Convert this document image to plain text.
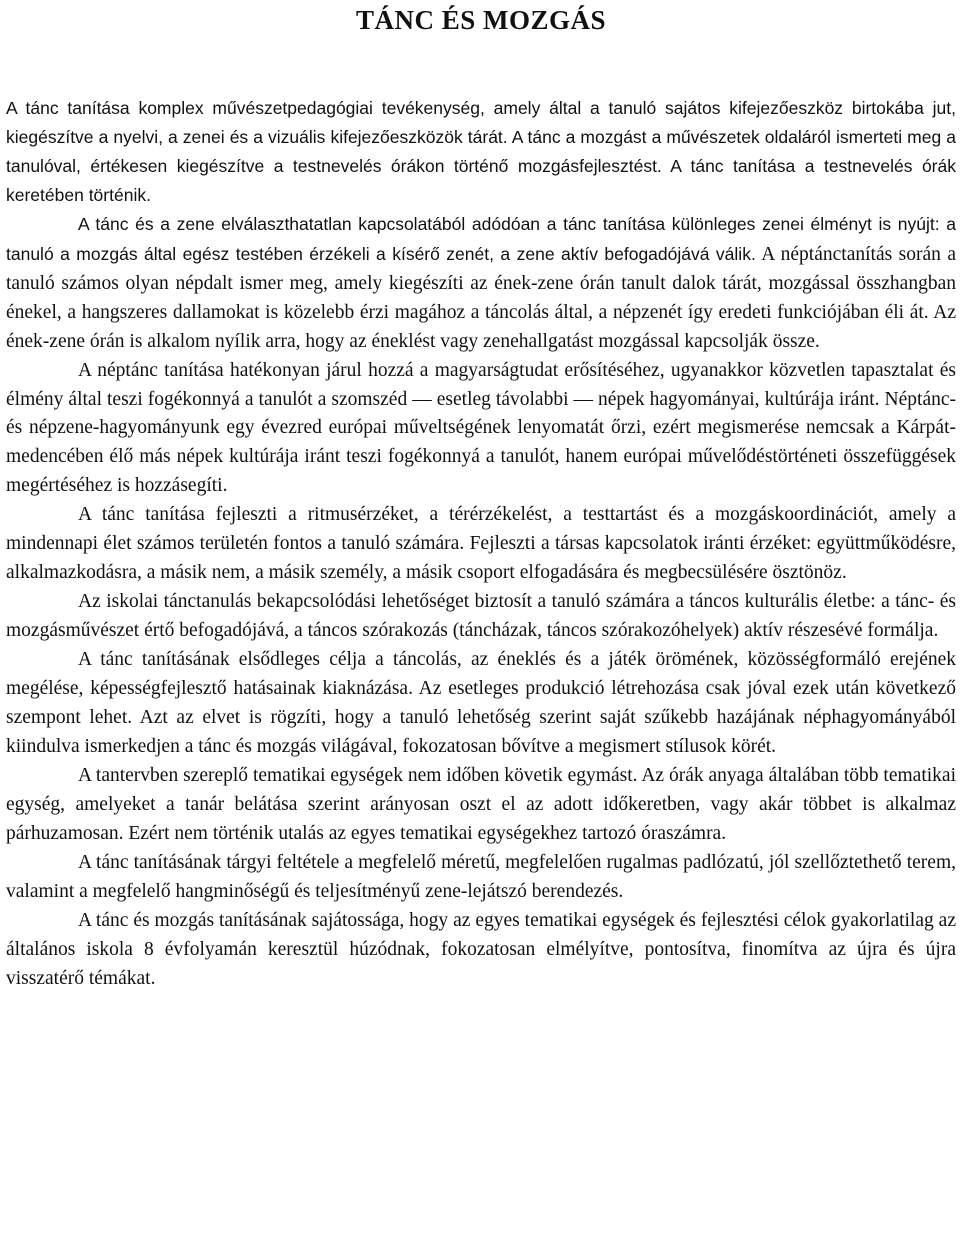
TÁNC ÉS MOZGÁS

A tánc tanítása komplex művészetpedagógiai tevékenység, amely által a tanuló sajátos kifejezőeszköz birtokába jut, kiegészítve a nyelvi, a zenei és a vizuális kifejezőeszközök tárát. A tánc a mozgást a művészetek oldaláról ismerteti meg a tanulóval, értékesen kiegészítve a testnevelés órákon történő mozgásfejlesztést. A tánc tanítása a testnevelés órák keretében történik.

A tánc és a zene elválaszthatatlan kapcsolatából adódóan a tánc tanítása különleges zenei élményt is nyújt: a tanuló a mozgás által egész testében érzékeli a kísérő zenét, a zene aktív befogadójává válik. A néptánctanítás során a tanuló számos olyan népdalt ismer meg, amely kiegészíti az ének-zene órán tanult dalok tárát, mozgással összhangban énekel, a hangszeres dallamokat is közelebb érzi magához a táncolás által, a népzenét így eredeti funkciójában éli át. Az ének-zene órán is alkalom nyílik arra, hogy az éneklést vagy zenehallgatást mozgással kapcsolják össze.

A néptánc tanítása hatékonyan járul hozzá a magyarságtudat erősítéséhez, ugyanakkor közvetlen tapasztalat és élmény által teszi fogékonnyá a tanulót a szomszéd — esetleg távolabbi — népek hagyományai, kultúrája iránt. Néptánc- és népzene-hagyományunk egy évezred európai műveltségének lenyomatát őrzi, ezért megismerése nemcsak a Kárpát-medencében élő más népek kultúrája iránt teszi fogékonnyá a tanulót, hanem európai művelődéstörténeti összefüggések megértéséhez is hozzásegíti.

A tánc tanítása fejleszti a ritmusérzéket, a térérzékelést, a testtartást és a mozgáskoordinációt, amely a mindennapi élet számos területén fontos a tanuló számára. Fejleszti a társas kapcsolatok iránti érzéket: együttműködésre, alkalmazkodásra, a másik nem, a másik személy, a másik csoport elfogadására és megbecsülésére ösztönöz.

Az iskolai tánctanulás bekapcsolódási lehetőséget biztosít a tanuló számára a táncos kulturális életbe: a tánc- és mozgásművészet értő befogadójává, a táncos szórakozás (táncházak, táncos szórakozóhelyek) aktív részesévé formálja.

A tánc tanításának elsődleges célja a táncolás, az éneklés és a játék örömének, közösségformáló erejének megélése, képességfejlesztő hatásainak kiaknázása. Az esetleges produkció létrehozása csak jóval ezek után következő szempont lehet. Azt az elvet is rögzíti, hogy a tanuló lehetőség szerint saját szűkebb hazájának néphagyományából kiindulva ismerkedjen a tánc és mozgás világával, fokozatosan bővítve a megismert stílusok körét.

A tantervben szereplő tematikai egységek nem időben követik egymást. Az órák anyaga általában több tematikai egység, amelyeket a tanár belátása szerint arányosan oszt el az adott időkeretben, vagy akár többet is alkalmaz párhuzamosan. Ezért nem történik utalás az egyes tematikai egységekhez tartozó óraszámra.

A tánc tanításának tárgyi feltétele a megfelelő méretű, megfelelően rugalmas padlózatú, jól szellőztethető terem, valamint a megfelelő hangminőségű és teljesítményű zene-lejátszó berendezés.

A tánc és mozgás tanításának sajátossága, hogy az egyes tematikai egységek és fejlesztési célok gyakorlatilag az általános iskola 8 évfolyamán keresztül húzódnak, fokozatosan elmélyítve, pontosítva, finomítva az újra és újra visszatérő témákat.
